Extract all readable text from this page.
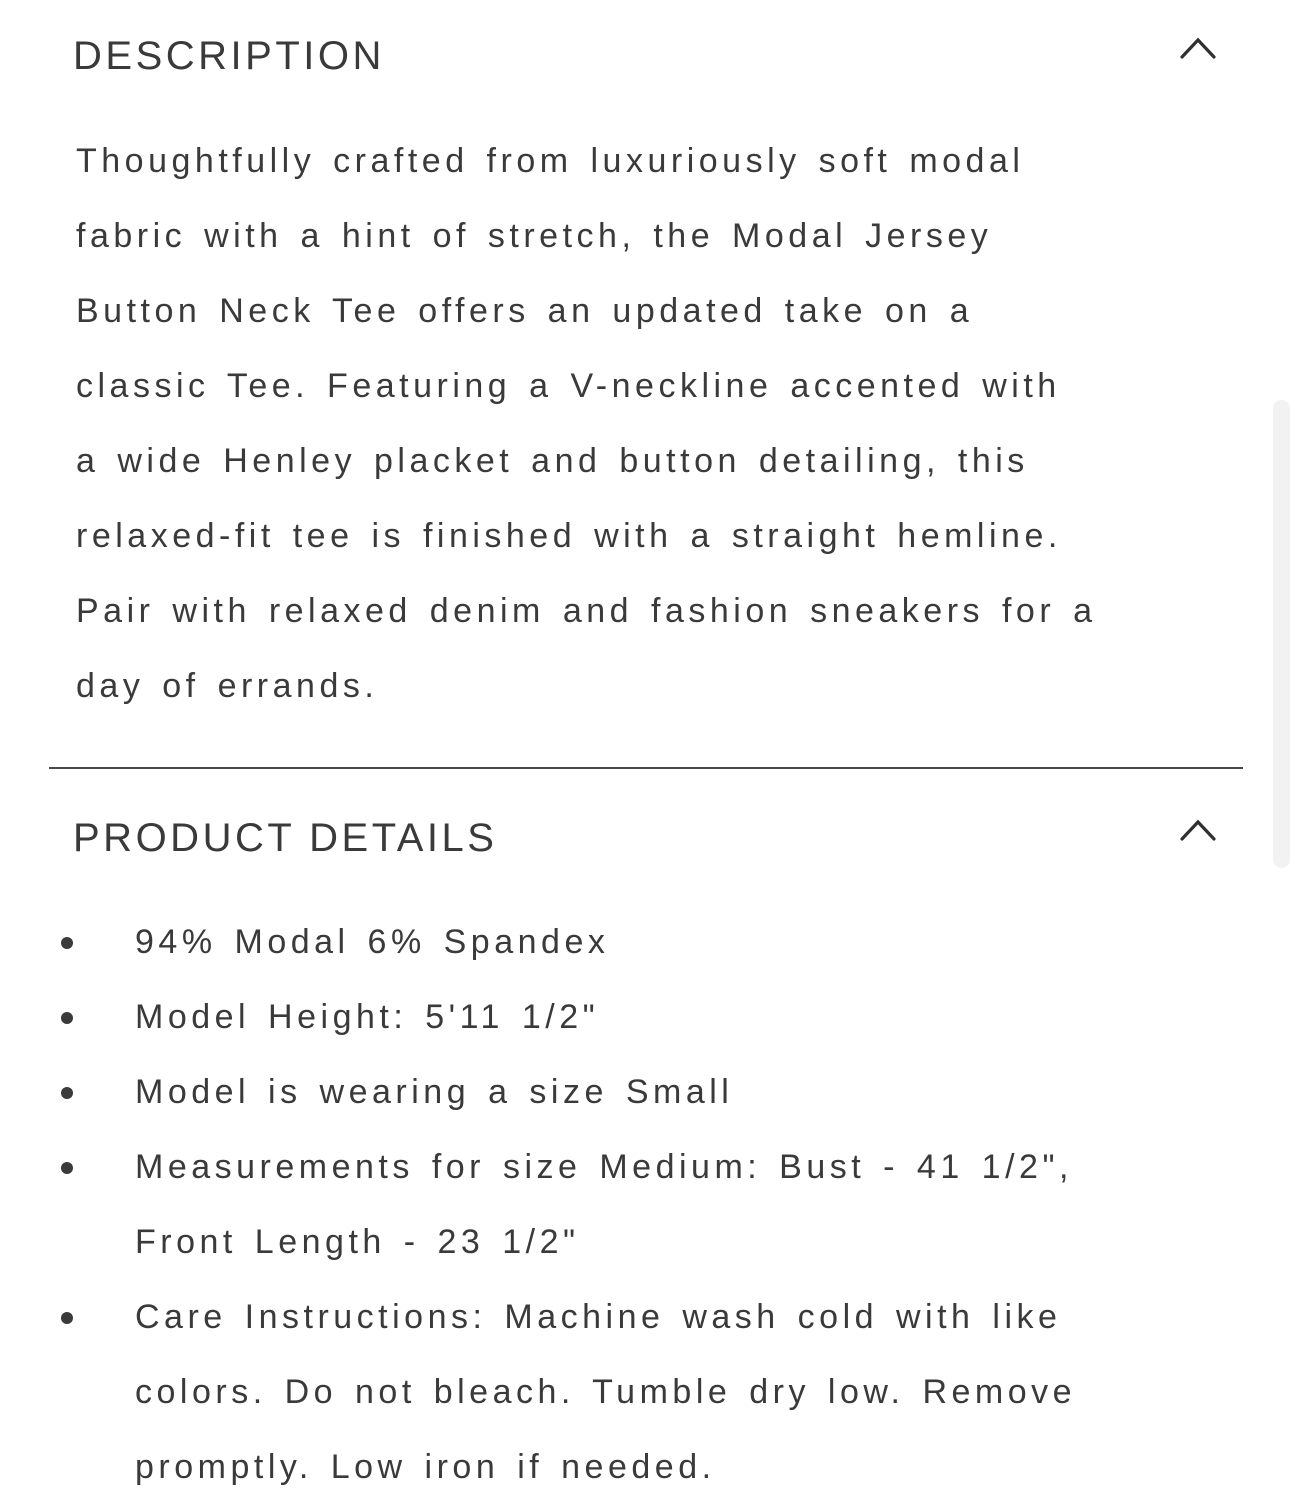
DESCRIPTION
Thoughtfully crafted from luxuriously soft modal
fabric with a hint of stretch, the Modal Jersey
Button Neck Tee offers an updated take on a
classic Tee. Featuring a V-neckline accented with
a wide Henley placket and button detailing, this
relaxed-fit tee is finished with a straight hemline.
Pair with relaxed denim and fashion sneakers for a
day of errands.
PRODUCT DETAILS
94% Modal 6% Spandex
Model Height: 5'11 1/2"
Model is wearing a size Small
Measurements for size Medium: Bust - 41 1/2",
Front Length - 23 1/2"
Care Instructions: Machine wash cold with like
colors. Do not bleach. Tumble dry low. Remove
promptly. Low iron if needed.
